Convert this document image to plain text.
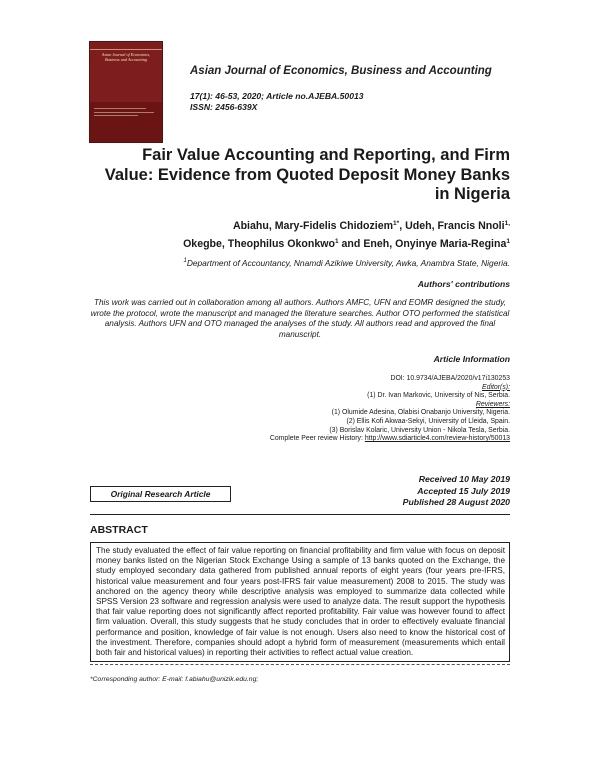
Asian Journal of Economics, Business and Accounting
Asian Journal of Economics, Business and Accounting
17(1): 46-53, 2020; Article no.AJEBA.50013
ISSN: 2456-639X
Fair Value Accounting and Reporting, and Firm Value: Evidence from Quoted Deposit Money Banks in Nigeria
Abiahu, Mary-Fidelis Chidoziem$^{1*}$, Udeh, Francis Nnoli$^{1,}$
Okegbe, Theophilus Okonkwo$^1$ and Eneh, Onyinye Maria-Regina$^1$
$^1$Department of Accountancy, Nnamdi Azikiwe University, Awka, Anambra State, Nigeria.
Authors' contributions
This work was carried out in collaboration among all authors. Authors AMFC, UFN and EOMR designed the study, wrote the protocol, wrote the manuscript and managed the literature searches. Author OTO performed the statistical analysis. Authors UFN and OTO managed the analyses of the study. All authors read and approved the final manuscript.
Article Information
DOI: 10.9734/AJEBA/2020/v17i130253
Editor(s):
(1) Dr. Ivan Markovic, University of Nis, Serbia.
Reviewers:
(1) Olumide Adesina, Olabisi Onabanjo University, Nigeria.
(2) Ellis Kofi Akwaa-Sekyi, University of Lleida, Spain.
(3) Borislav Kolaric, University Union - Nikola Tesla, Serbia.
Complete Peer review History: http://www.sdiarticle4.com/review-history/50013
Received 10 May 2019
Accepted 15 July 2019
Published 28 August 2020
Original Research Article
ABSTRACT
The study evaluated the effect of fair value reporting on financial profitability and firm value with focus on deposit money banks listed on the Nigerian Stock Exchange Using a sample of 13 banks quoted on the Exchange, the study employed secondary data gathered from published annual reports of eight years (four years pre-IFRS, historical value measurement and four years post-IFRS fair value measurement) 2008 to 2015. The study was anchored on the agency theory while descriptive analysis was employed to summarize data collected while SPSS Version 23 software and regression analysis were used to analyze data. The result support the hypothesis that fair value reporting does not significantly affect reported profitability. Fair value was however found to affect firm valuation. Overall, this study suggests that he study concludes that in order to effectively evaluate financial performance and position, knowledge of fair value is not enough. Users also need to know the historical cost of the investment. Therefore, companies should adopt a hybrid form of measurement (measurements which entail both fair and historical values) in reporting their activities to reflect actual value creation.
*Corresponding author: E-mail: f.abiahu@unizik.edu.ng;
